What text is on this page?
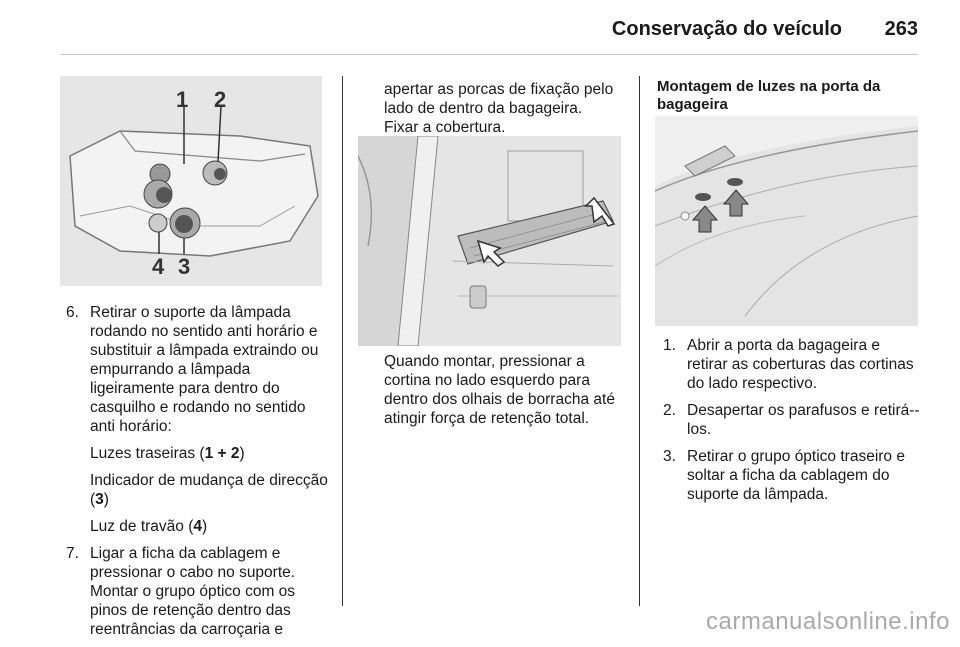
Conservação do veículo 263
1 2
4 3
6. Retirar o suporte da lâmpada rodando no sentido anti horário e substituir a lâmpada extraindo ou empurrando a lâmpada ligeiramente para dentro do casquilho e rodando no sentido anti horário:

Luzes traseiras (1 + 2)

Indicador de mudança de direcção (3)

Luz de travão (4)

7. Ligar a ficha da cablagem e pressionar o cabo no suporte. Montar o grupo óptico com os pinos de retenção dentro das reentrâncias da carroçaria e

apertar as porcas de fixação pelo lado de dentro da bagageira.
Fixar a cobertura.
Quando montar, pressionar a cortina no lado esquerdo para dentro dos olhais de borracha até atingir força de retenção total.
Montagem de luzes na porta da bagageira
1. Abrir a porta da bagageira e retirar as coberturas das cortinas do lado respectivo.

2. Desapertar os parafusos e retirá--los.

3. Retirar o grupo óptico traseiro e soltar a ficha da cablagem do suporte da lâmpada.

carmanualsonline.info
